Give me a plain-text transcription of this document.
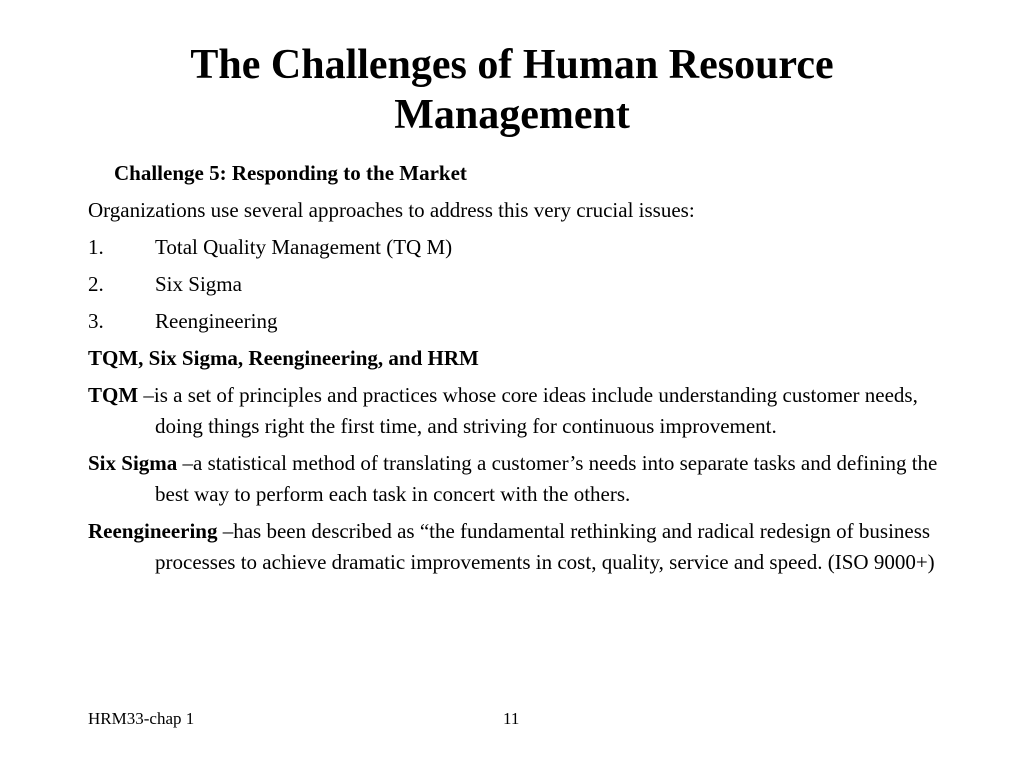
The Challenges of Human Resource
Management
Challenge 5: Responding to the Market
Organizations use several approaches to address this very crucial issues:
1.	Total Quality Management (TQ M)
2.	Six Sigma
3.	Reengineering
TQM, Six Sigma, Reengineering, and HRM
TQM –is a set of principles and practices whose core ideas include understanding customer needs, doing things right the first time, and striving for continuous improvement.
Six Sigma –a statistical method of translating a customer’s needs into separate tasks and defining the best way to perform each task in concert with the others.
Reengineering –has been described as “the fundamental rethinking and radical redesign of business processes to achieve dramatic improvements in cost, quality, service and speed. (ISO 9000+)
HRM33-chap 1	11
